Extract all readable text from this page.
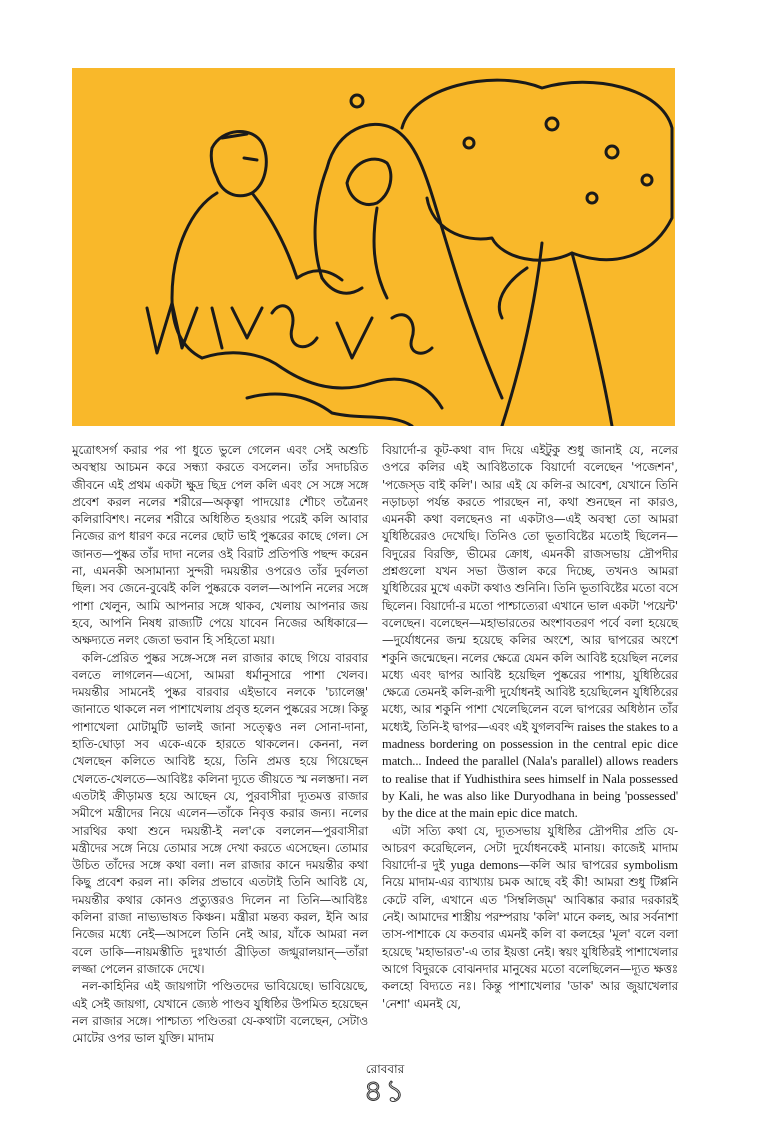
মুত্রোৎসর্গ করার পর পা ধুতে ভুলে গেলেন এবং সেই অশুচি অবস্থায় আচমন করে সন্ধ্যা করতে বসলেন। তাঁর সদাচরিত জীবনে এই প্রথম একটা ক্ষুদ্র ছিদ্র পেল কলি এবং সে সঙ্গে সঙ্গে প্রবেশ করল নলের শরীরে—অকৃত্বা পাদয়োঃ শৌচং তত্রৈনং কলিরাবিশৎ। নলের শরীরে অধিষ্ঠিত হওয়ার পরেই কলি আবার নিজের রূপ ধারণ করে নলের ছোট ভাই পুষ্করের কাছে গেল। সে জানত—পুষ্কর তাঁর দাদা নলের ওই বিরাট প্রতিপত্তি পছন্দ করেন না, এমনকী অসামান্যা সুন্দরী দময়ন্তীর ওপরেও তাঁর দুর্বলতা ছিল। সব জেনে-বুঝেই কলি পুষ্করকে বলল—আপনি নলের সঙ্গে পাশা খেলুন, আমি আপনার সঙ্গে থাকব, খেলায় আপনার জয় হবে, আপনি নিষধ রাজ্যটি পেয়ে যাবেন নিজের অধিকারে—অক্ষদ্যতে নলং জেতা ভবান হি সহিতো ময়া।

কলি-প্রেরিত পুষ্কর সঙ্গে-সঙ্গে নল রাজার কাছে গিয়ে বারবার বলতে লাগলেন—এসো, আমরা ধর্মানুসারে পাশা খেলব। দময়ন্তীর সামনেই পুষ্কর বারবার এইভাবে নলকে 'চ্যালেঞ্জ' জানাতে থাকলে নল পাশাখেলায় প্রবৃত্ত হলেন পুষ্করের সঙ্গে। কিন্তু পাশাখেলা মোটামুটি ভালই জানা সত্ত্বেও নল সোনা-দানা, হাতি-ঘোড়া সব একে-একে হারতে থাকলেন। কেননা, নল খেলছেন কলিতে আবিষ্ট হয়ে, তিনি প্রমত্ত হয়ে গিয়েছেন খেলতে-খেলতে—আবিষ্টঃ কলিনা দ্যূতে জীয়তে স্ম নলস্তদা। নল এতটাই ক্রীড়ামত্ত হয়ে আছেন যে, পুরবাসীরা দ্যূতমত্ত রাজার সমীপে মন্ত্রীদের নিয়ে এলেন—তাঁকে নিবৃত্ত করার জন্য। নলের সারথির কথা শুনে দময়ন্তী-ই নল'কে বললেন—পুরবাসীরা মন্ত্রীদের সঙ্গে নিয়ে তোমার সঙ্গে দেখা করতে এসেছেন। তোমার উচিত তাঁদের সঙ্গে কথা বলা। নল রাজার কানে দময়ন্তীর কথা কিছু প্রবেশ করল না। কলির প্রভাবে এতটাই তিনি আবিষ্ট যে, দময়ন্তীর কথার কোনও প্রত্যুত্তরও দিলেন না তিনি—আবিষ্টঃ কলিনা রাজা নাভ্যভাষত কিঞ্চন। মন্ত্রীরা মন্তব্য করল, ইনি আর নিজের মধ্যে নেই—আসলে তিনি নেই আর, যাঁকে আমরা নল বলে ডাকি—নায়মস্তীতি দুঃখার্তা ব্রীড়িতা জগ্মুরালয়ান্‌—তাঁরা লজ্জা পেলেন রাজাকে দেখে।

নল-কাহিনির এই জায়গাটা পণ্ডিতদের ভাবিয়েছে। ভাবিয়েছে, এই সেই জায়গা, যেখানে জ্যেষ্ঠ পাণ্ডব যুধিষ্ঠির উপমিত হয়েছেন নল রাজার সঙ্গে। পাশ্চাত্য পণ্ডিতরা যে-কথাটা বলেছেন, সেটাও মোটের ওপর ভাল যুক্তি। মাদাম

বিয়ার্দো-র কূট-কথা বাদ দিয়ে এইটুকু শুধু জানাই যে, নলের ওপরে কলির এই আবিষ্টতাকে বিয়ার্দো বলেছেন 'পজেশন', 'পজেস্ড বাই কলি'। আর এই যে কলি-র আবেশ, যেখানে তিনি নড়াচড়া পর্যন্ত করতে পারছেন না, কথা শুনছেন না কারও, এমনকী কথা বলছেনও না একটাও—এই অবস্থা তো আমরা যুধিষ্ঠিরেরও দেখেছি। তিনিও তো ভূতাবিষ্টের মতোই ছিলেন—বিদুরের বিরক্তি, ভীমের ক্রোধ, এমনকী রাজসভায় দ্রৌপদীর প্রশ্নগুলো যখন সভা উত্তাল করে দিচ্ছে, তখনও আমরা যুধিষ্ঠিরের মুখে একটা কথাও শুনিনি। তিনি ভূতাবিষ্টের মতো বসে ছিলেন। বিয়ার্দো-র মতো পাশ্চাত্যেরা এখানে ভাল একটা 'পয়েন্ট' বলেছেন। বলেছেন—মহাভারতের অংশাবতরণ পর্বে বলা হয়েছে—দুর্যোধনের জন্ম হয়েছে কলির অংশে, আর দ্বাপরের অংশে শকুনি জন্মেছেন। নলের ক্ষেত্রে যেমন কলি আবিষ্ট হয়েছিল নলের মধ্যে এবং দ্বাপর আবিষ্ট হয়েছিল পুষ্করের পাশায়, যুধিষ্ঠিরের ক্ষেত্রে তেমনই কলি-রূপী দুর্যোধনই আবিষ্ট হয়েছিলেন যুধিষ্ঠিরের মধ্যে, আর শকুনি পাশা খেলেছিলেন বলে দ্বাপরের অধিষ্ঠান তাঁর মধ্যেই, তিনি-ই দ্বাপর—এবং এই যুগলবন্দি raises the stakes to a madness bordering on possession in the central epic dice match... Indeed the parallel (Nala's parallel) allows readers to realise that if Yudhisthira sees himself in Nala possessed by Kali, he was also like Duryodhana in being 'possessed' by the dice at the main epic dice match.

এটা সত্যি কথা যে, দ্যূতসভায় যুধিষ্ঠির দ্রৌপদীর প্রতি যে-আচরণ করেছিলেন, সেটা দুর্যোধনকেই মানায়। কাজেই মাদাম বিয়ার্দো-র দুই yuga demons—কলি আর দ্বাপরের symbolism নিয়ে মাদাম-এর ব্যাখ্যায় চমক আছে বই কী! আমরা শুধু টিপ্পনি কেটে বলি, এখানে এত 'সিম্বলিজ্‌ম' আবিষ্কার করার দরকারই নেই। আমাদের শাস্ত্রীয় পরম্পরায় 'কলি' মানে কলহ, আর সর্বনাশা তাস-পাশাকে যে কতবার এমনই কলি বা কলহের 'মূল' বলে বলা হয়েছে 'মহাভারত'-এ তার ইয়ত্তা নেই। স্বয়ং যুধিষ্ঠিরই পাশাখেলার আগে বিদুরকে বোঝনদার মানুষের মতো বলেছিলেন—দ্যূত ক্ষত্তঃ কলহো বিদ্যতে নঃ। কিন্তু পাশাখেলার 'ডাক' আর জুয়াখেলার 'নেশা' এমনই যে,

রোববার
৪১
